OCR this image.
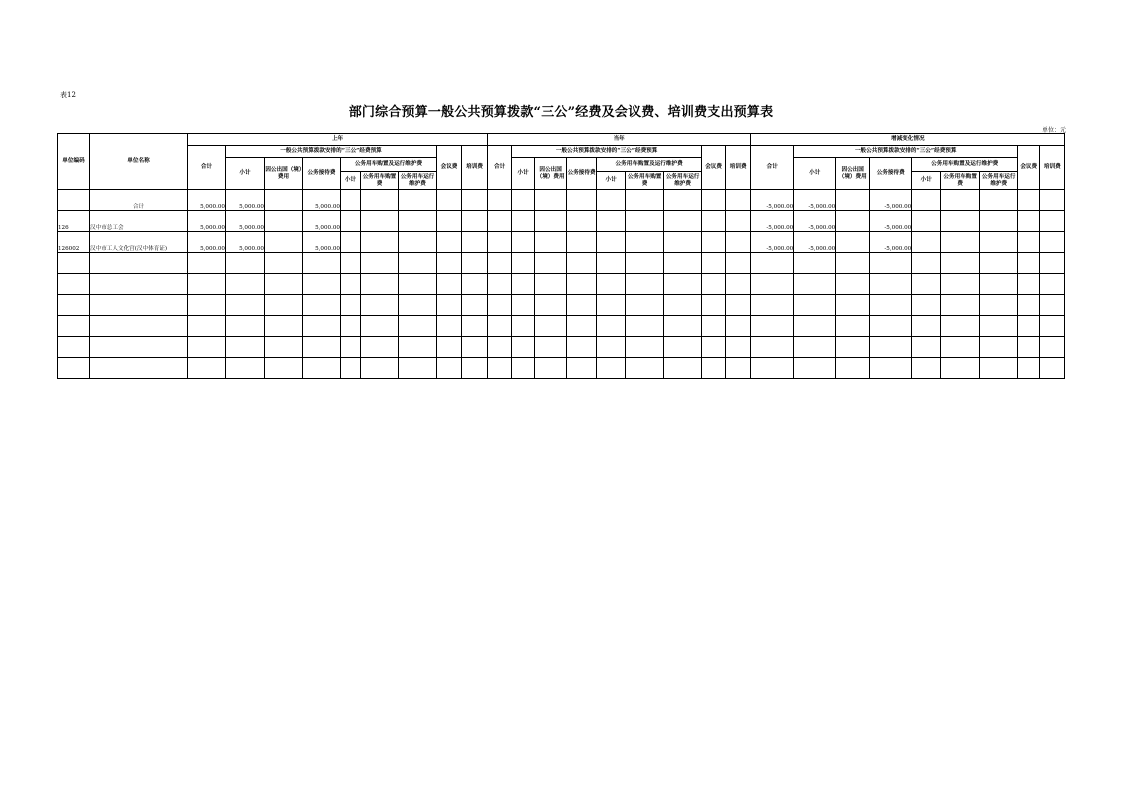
表12
部门综合预算一般公共预算拨款“三公”经费及会议费、培训费支出预算表
单位：元
单位编码	单位名称	上年									当年									增减变化情况								
		合计	一般公共预算拨款安排的“三公”经费预算						会议费	培训费	合计	一般公共预算拨款安排的“三公”经费预算						会议费	培训费	合计	一般公共预算拨款安排的“三公”经费预算						会议费	培训费
			小计	因公出国（境）费用	公务接待费	公务用车购置及运行维护费						小计	因公出国（境）费用	公务接待费	公务用车购置及运行维护费						小计	因公出国（境）费用	公务接待费	公务用车购置及运行维护费				
						小计	公务用车购置费	公务用车运行维护费							小计	公务用车购置费	公务用车运行维护费							小计	公务用车购置费	公务用车运行维护费		
	合计	5,000.00	5,000.00		5,000.00															-5,000.00	-5,000.00		-5,000.00					
126	汉中市总工会	5,000.00	5,000.00		5,000.00															-5,000.00	-5,000.00		-5,000.00					
126002	汉中市工人文化宫(汉中体育证)	5,000.00	5,000.00		5,000.00															-5,000.00	-5,000.00		-5,000.00					
